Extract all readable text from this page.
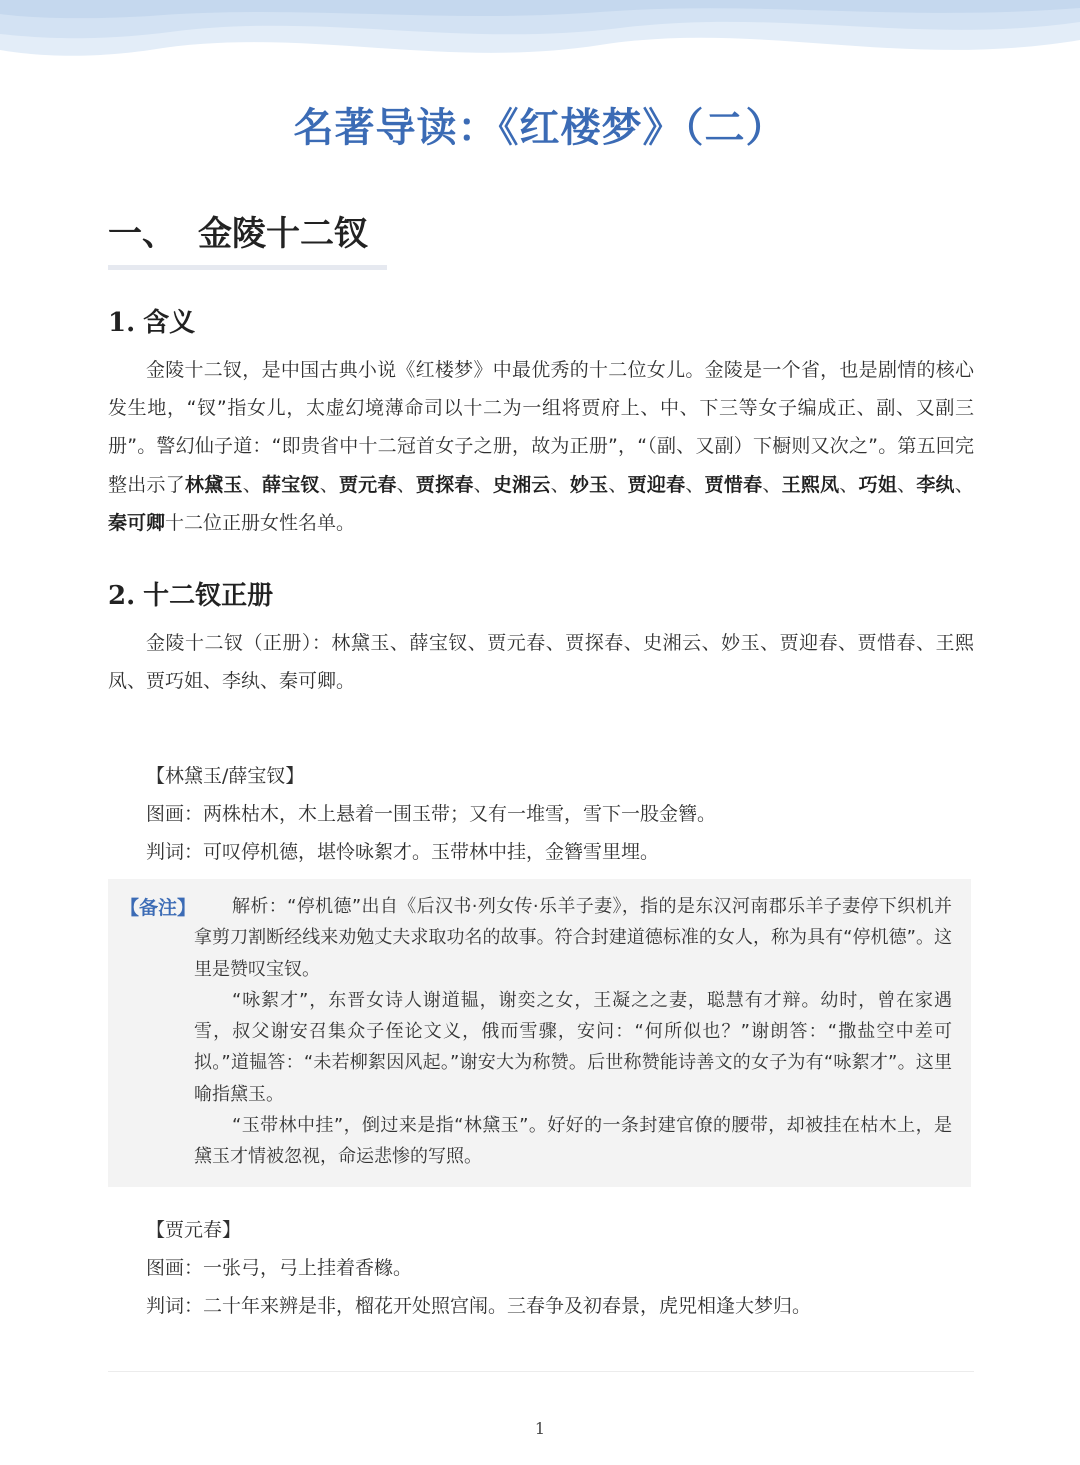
名著导读：《红楼梦》（二）
一、 金陵十二钗
1. 含义

金陵十二钗，是中国古典小说《红楼梦》中最优秀的十二位女儿。金陵是一个省，也是剧情的核心发生地，“钗”指女儿，太虚幻境薄命司以十二为一组将贾府上、中、下三等女子编成正、副、又副三册”。警幻仙子道：“即贵省中十二冠首女子之册，故为正册”，“（副、又副）下橱则又次之”。第五回完整出示了林黛玉、薛宝钗、贾元春、贾探春、史湘云、妙玉、贾迎春、贾惜春、王熙凤、巧姐、李纨、秦可卿十二位正册女性名单。

2. 十二钗正册

金陵十二钗（正册）：林黛玉、薛宝钗、贾元春、贾探春、史湘云、妙玉、贾迎春、贾惜春、王熙凤、贾巧姐、李纨、秦可卿。

【林黛玉/薛宝钗】
图画：两株枯木，木上悬着一围玉带；又有一堆雪，雪下一股金簪。
判词：可叹停机德，堪怜咏絮才。玉带林中挂，金簪雪里埋。
【备注】	解析：“停机德”出自《后汉书·列女传·乐羊子妻》，指的是东汉河南郡乐羊子妻停下织机并拿剪刀割断经线来劝勉丈夫求取功名的故事。符合封建道德标准的女人，称为具有“停机德”。这里是赞叹宝钗。
“咏絮才”，东晋女诗人谢道韫，谢奕之女，王凝之之妻，聪慧有才辩。幼时，曾在家遇雪，叔父谢安召集众子侄论文义，俄而雪骤，安问：“何所似也？”谢朗答：“撒盐空中差可拟。”道韫答：“未若柳絮因风起。”谢安大为称赞。后世称赞能诗善文的女子为有“咏絮才”。这里喻指黛玉。
“玉带林中挂”，倒过来是指“林黛玉”。好好的一条封建官僚的腰带，却被挂在枯木上，是黛玉才情被忽视，命运悲惨的写照。
【贾元春】
图画：一张弓，弓上挂着香橼。
判词：二十年来辨是非，榴花开处照宫闱。三春争及初春景，虎兕相逢大梦归。
1
